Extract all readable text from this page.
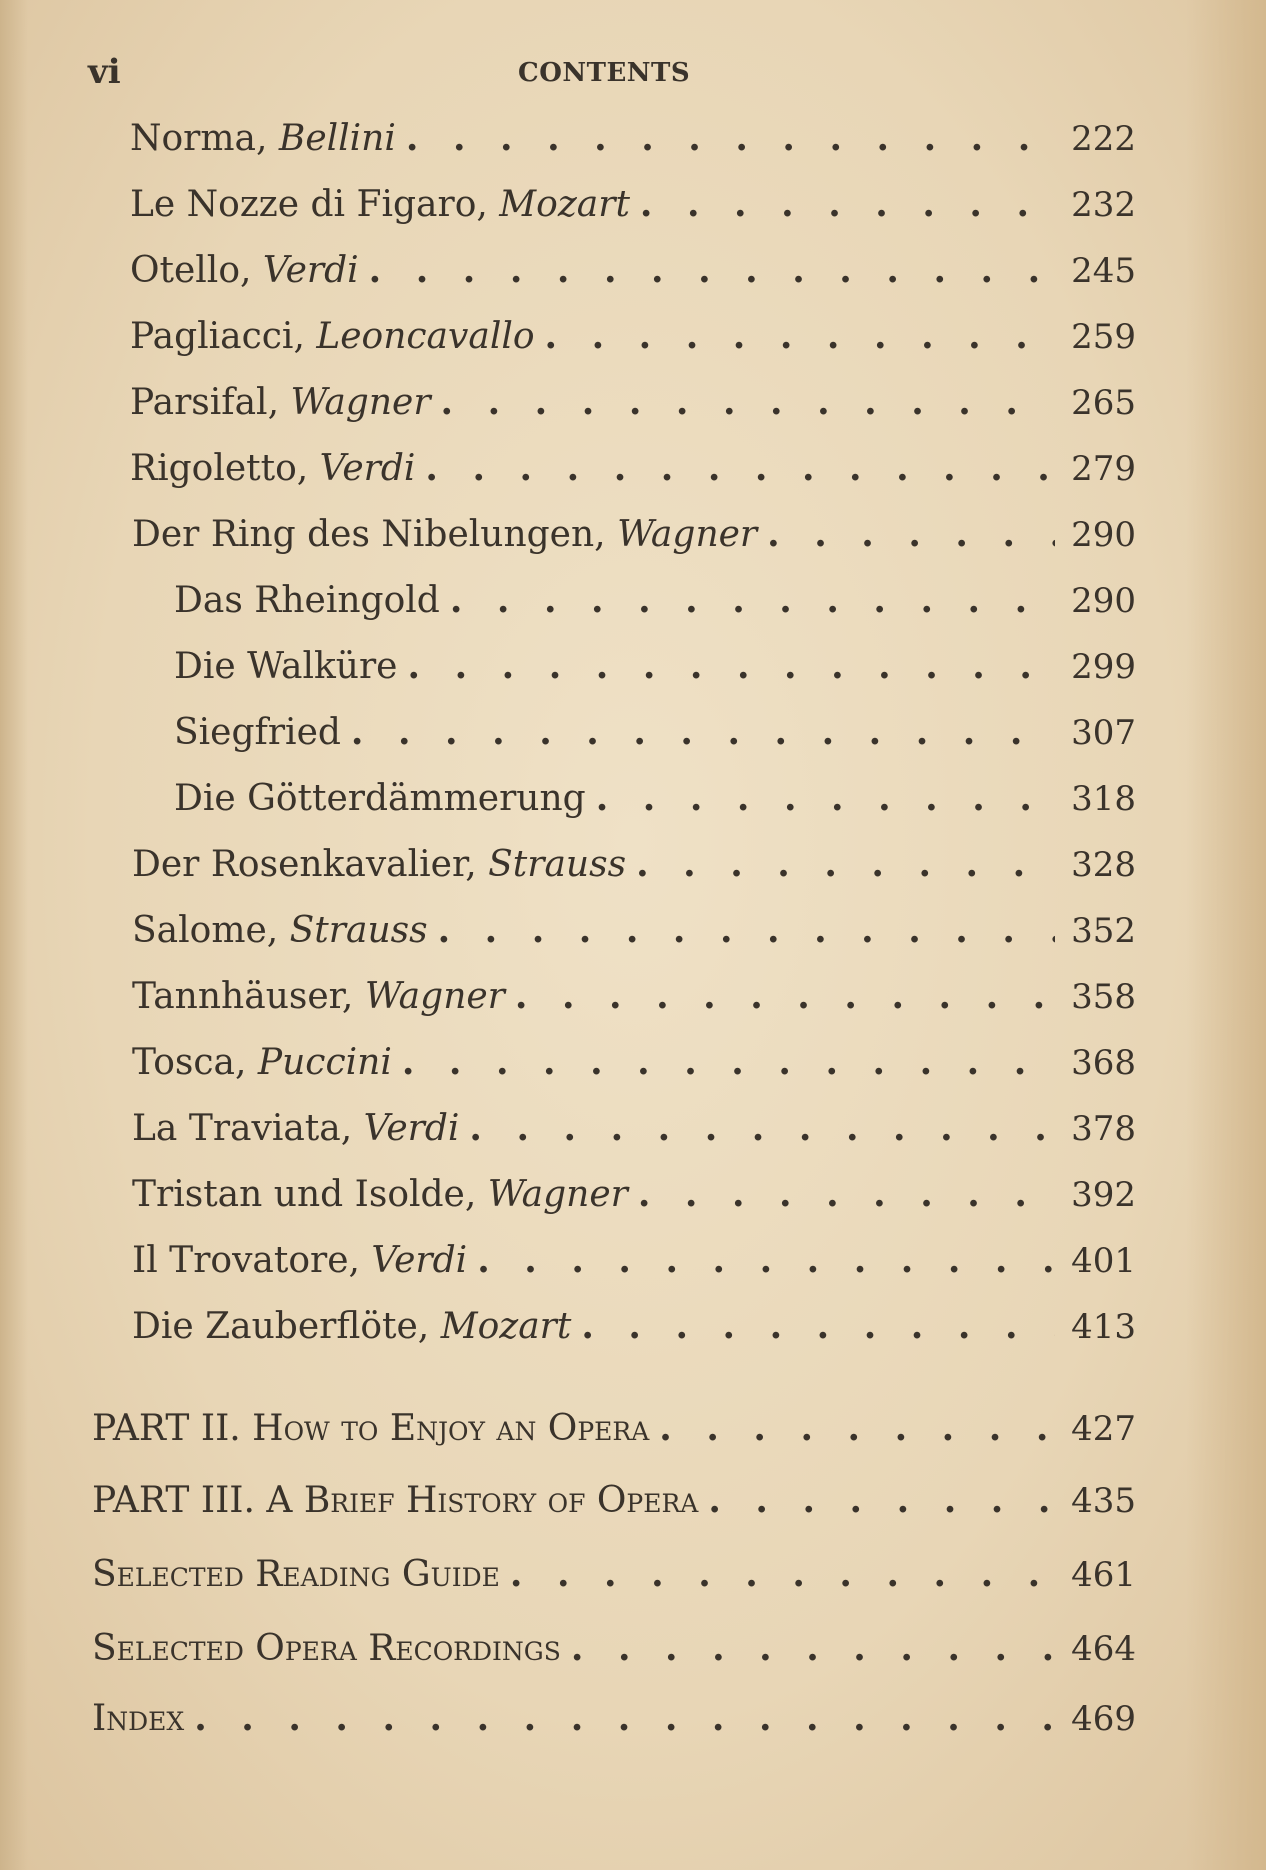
vi	CONTENTS
Norma, Bellini . . .	222
Le Nozze di Figaro, Mozart . . .	232
Otello, Verdi . . .	245
Pagliacci, Leoncavallo . . .	259
Parsifal, Wagner . . .	265
Rigoletto, Verdi . . .	279
Der Ring des Nibelungen, Wagner . . .	290
Das Rheingold . . .	290
Die Walküre . . .	299
Siegfried . . .	307
Die Götterdämmerung . . .	318
Der Rosenkavalier, Strauss . . .	328
Salome, Strauss . . .	352
Tannhäuser, Wagner . . .	358
Tosca, Puccini . . .	368
La Traviata, Verdi . . .	378
Tristan und Isolde, Wagner . . .	392
Il Trovatore, Verdi . . .	401
Die Zauberflöte, Mozart . . .	413
PART II. How to Enjoy an Opera . . .	427
PART III. A Brief History of Opera . . .	435
Selected Reading Guide . . .	461
Selected Opera Recordings . . .	464
Index . . .	469
